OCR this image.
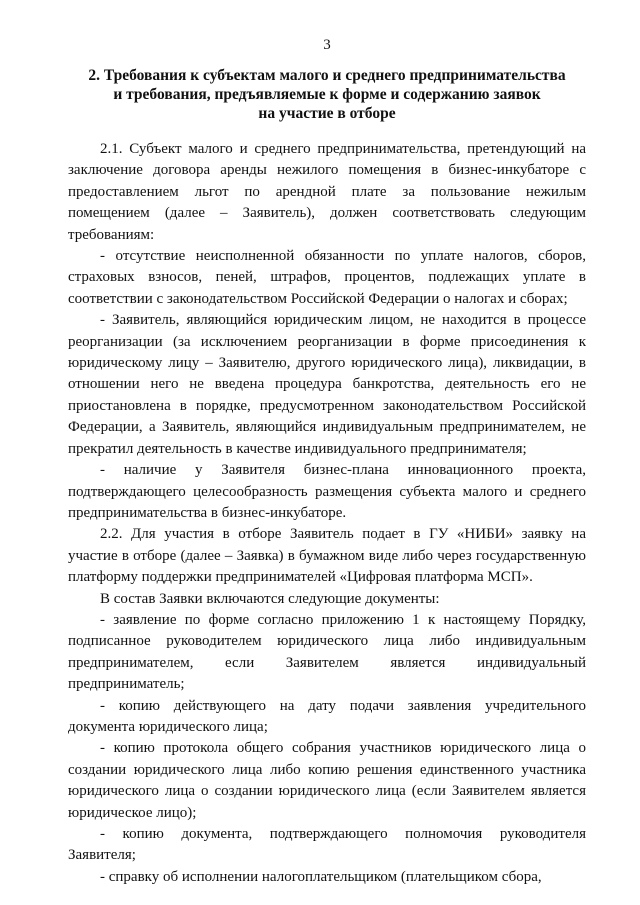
3
2. Требования к субъектам малого и среднего предпринимательства
и требования, предъявляемые к форме и содержанию заявок
на участие в отборе

2.1. Субъект малого и среднего предпринимательства, претендующий на заключение договора аренды нежилого помещения в бизнес-инкубаторе с предоставлением льгот по арендной плате за пользование нежилым помещением (далее – Заявитель), должен соответствовать следующим требованиям:

- отсутствие неисполненной обязанности по уплате налогов, сборов, страховых взносов, пеней, штрафов, процентов, подлежащих уплате в соответствии с законодательством Российской Федерации о налогах и сборах;

- Заявитель, являющийся юридическим лицом, не находится в процессе реорганизации (за исключением реорганизации в форме присоединения к юридическому лицу – Заявителю, другого юридического лица), ликвидации, в отношении него не введена процедура банкротства, деятельность его не приостановлена в порядке, предусмотренном законодательством Российской Федерации, а Заявитель, являющийся индивидуальным предпринимателем, не прекратил деятельность в качестве индивидуального предпринимателя;

- наличие у Заявителя бизнес-плана инновационного проекта, подтверждающего целесообразность размещения субъекта малого и среднего предпринимательства в бизнес-инкубаторе.

2.2. Для участия в отборе Заявитель подает в ГУ «НИБИ» заявку на участие в отборе (далее – Заявка) в бумажном виде либо через государственную платформу поддержки предпринимателей «Цифровая платформа МСП».

В состав Заявки включаются следующие документы:

- заявление по форме согласно приложению 1 к настоящему Порядку, подписанное руководителем юридического лица либо индивидуальным предпринимателем, если Заявителем является индивидуальный предприниматель;

- копию действующего на дату подачи заявления учредительного документа юридического лица;

- копию протокола общего собрания участников юридического лица о создании юридического лица либо копию решения единственного участника юридического лица о создании юридического лица (если Заявителем является юридическое лицо);

- копию документа, подтверждающего полномочия руководителя Заявителя;

- справку об исполнении налогоплательщиком (плательщиком сбора,
